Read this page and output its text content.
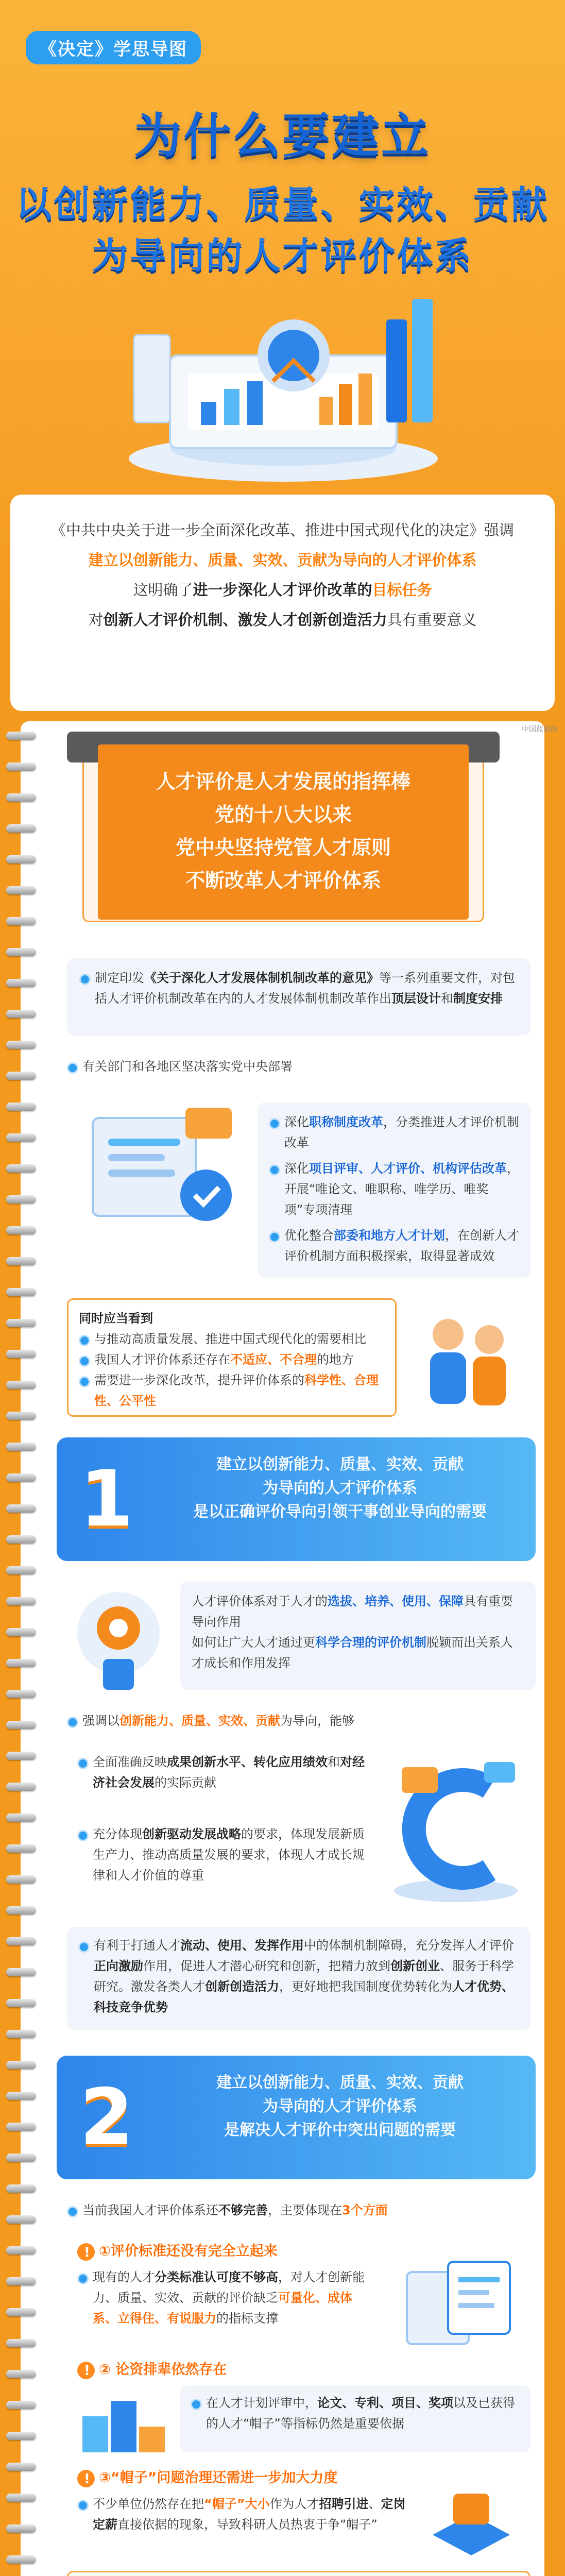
《决定》学思导图
为什么要建立
以创新能力、质量、实效、贡献
为导向的人才评价体系
《中共中央关于进一步全面深化改革、推进中国式现代化的决定》强调
建立以创新能力、质量、实效、贡献为导向的人才评价体系
这明确了进一步深化人才评价改革的目标任务
对创新人才评价机制、激发人才创新创造活力具有重要意义
中国蓝新闻
人才评价是人才发展的指挥棒
党的十八大以来
党中央坚持党管人才原则
不断改革人才评价体系
制定印发《关于深化人才发展体制机制改革的意见》等一系列重要文件，对包括人才评价机制改革在内的人才发展体制机制改革作出顶层设计和制度安排
有关部门和各地区坚决落实党中央部署
深化职称制度改革，分类推进人才评价机制改革
深化项目评审、人才评价、机构评估改革，开展“唯论文、唯职称、唯学历、唯奖项”专项清理
优化整合部委和地方人才计划，在创新人才评价机制方面积极探索，取得显著成效
同时应当看到
与推动高质量发展、推进中国式现代化的需要相比
我国人才评价体系还存在不适应、不合理的地方
需要进一步深化改革，提升评价体系的科学性、合理性、公平性
1	建立以创新能力、质量、实效、贡献
为导向的人才评价体系
是以正确评价导向引领干事创业导向的需要
人才评价体系对于人才的选拔、培养、使用、保障具有重要导向作用
如何让广大人才通过更科学合理的评价机制脱颖而出关系人才成长和作用发挥
强调以创新能力、质量、实效、贡献为导向，能够
全面准确反映成果创新水平、转化应用绩效和对经济社会发展的实际贡献
充分体现创新驱动发展战略的要求，体现发展新质生产力、推动高质量发展的要求，体现人才成长规律和人才价值的尊重
有利于打通人才流动、使用、发挥作用中的体制机制障碍，充分发挥人才评价正向激励作用，促进人才潜心研究和创新，把精力放到创新创业、服务于科学研究。激发各类人才创新创造活力，更好地把我国制度优势转化为人才优势、科技竞争优势
2	建立以创新能力、质量、实效、贡献
为导向的人才评价体系
是解决人才评价中突出问题的需要
当前我国人才评价体系还不够完善，主要体现在3个方面
!①评价标准还没有完全立起来
现有的人才分类标准认可度不够高，对人才创新能力、质量、实效、贡献的评价缺乏可量化、成体系、立得住、有说服力的指标支撑
!② 论资排辈依然存在
在人才计划评审中，论文、专利、项目、奖项以及已获得的人才“帽子”等指标仍然是重要依据
!③“帽子”问题治理还需进一步加大力度
不少单位仍然存在把“帽子”大小作为人才招聘引进、定岗定薪直接依据的现象，导致科研人员热衷于争“帽子”
